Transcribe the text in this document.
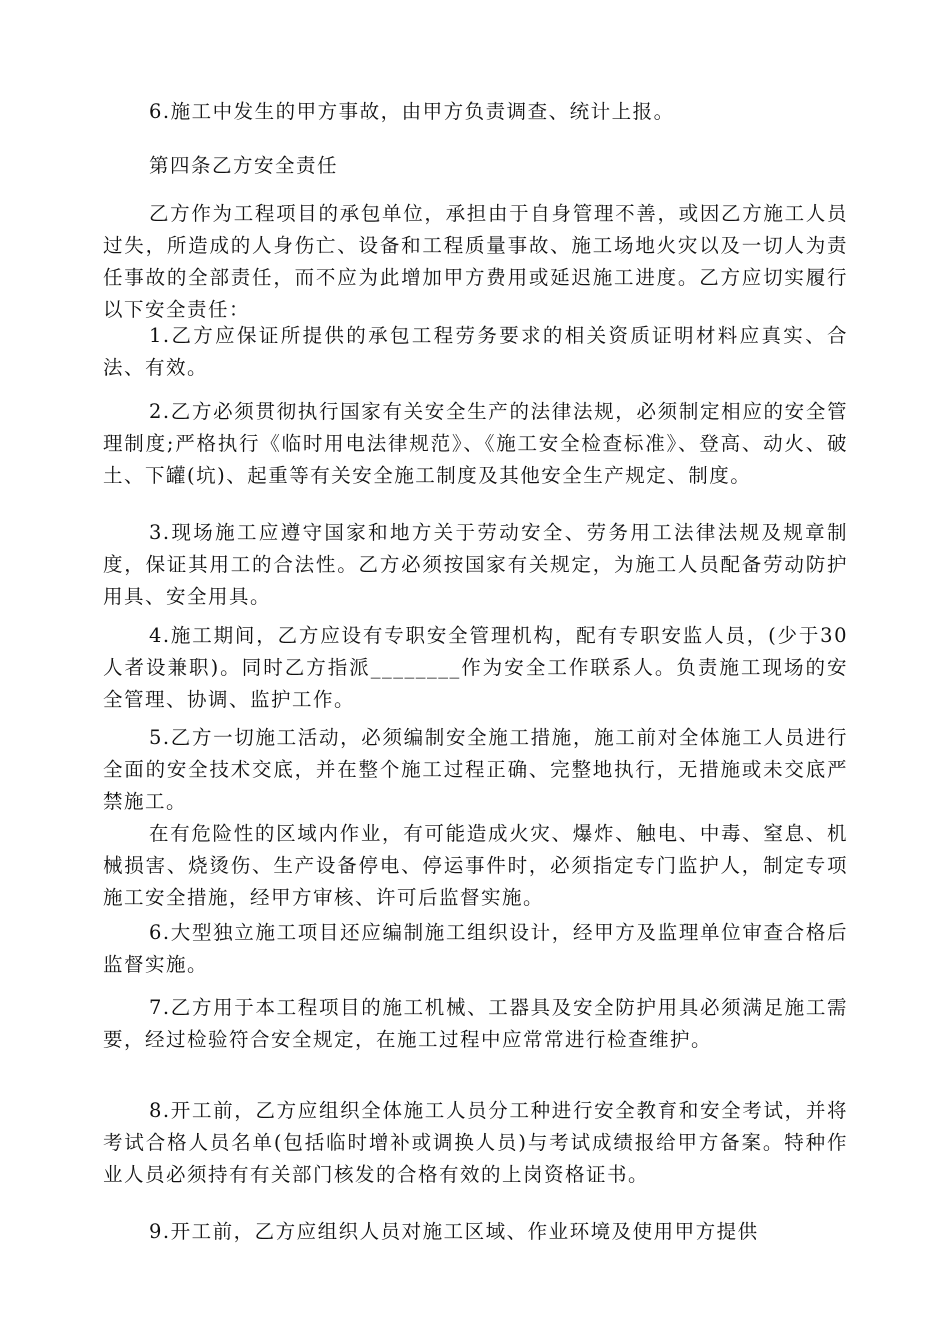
6.施工中发生的甲方事故，由甲方负责调查、统计上报。

第四条乙方安全责任

乙方作为工程项目的承包单位，承担由于自身管理不善，或因乙方施工人员过失，所造成的人身伤亡、设备和工程质量事故、施工场地火灾以及一切人为责任事故的全部责任，而不应为此增加甲方费用或延迟施工进度。乙方应切实履行以下安全责任：

1.乙方应保证所提供的承包工程劳务要求的相关资质证明材料应真实、合法、有效。

2.乙方必须贯彻执行国家有关安全生产的法律法规，必须制定相应的安全管理制度;严格执行《临时用电法律规范》、《施工安全检查标准》、登高、动火、破土、下罐(坑)、起重等有关安全施工制度及其他安全生产规定、制度。

3.现场施工应遵守国家和地方关于劳动安全、劳务用工法律法规及规章制度，保证其用工的合法性。乙方必须按国家有关规定，为施工人员配备劳动防护用具、安全用具。

4.施工期间，乙方应设有专职安全管理机构，配有专职安监人员，(少于30人者设兼职)。同时乙方指派________作为安全工作联系人。负责施工现场的安全管理、协调、监护工作。

5.乙方一切施工活动，必须编制安全施工措施，施工前对全体施工人员进行全面的安全技术交底，并在整个施工过程正确、完整地执行，无措施或未交底严禁施工。

在有危险性的区域内作业，有可能造成火灾、爆炸、触电、中毒、窒息、机械损害、烧烫伤、生产设备停电、停运事件时，必须指定专门监护人，制定专项施工安全措施，经甲方审核、许可后监督实施。

6.大型独立施工项目还应编制施工组织设计，经甲方及监理单位审查合格后监督实施。

7.乙方用于本工程项目的施工机械、工器具及安全防护用具必须满足施工需要，经过检验符合安全规定，在施工过程中应常常进行检查维护。

8.开工前，乙方应组织全体施工人员分工种进行安全教育和安全考试，并将考试合格人员名单(包括临时增补或调换人员)与考试成绩报给甲方备案。特种作业人员必须持有有关部门核发的合格有效的上岗资格证书。

9.开工前，乙方应组织人员对施工区域、作业环境及使用甲方提供
